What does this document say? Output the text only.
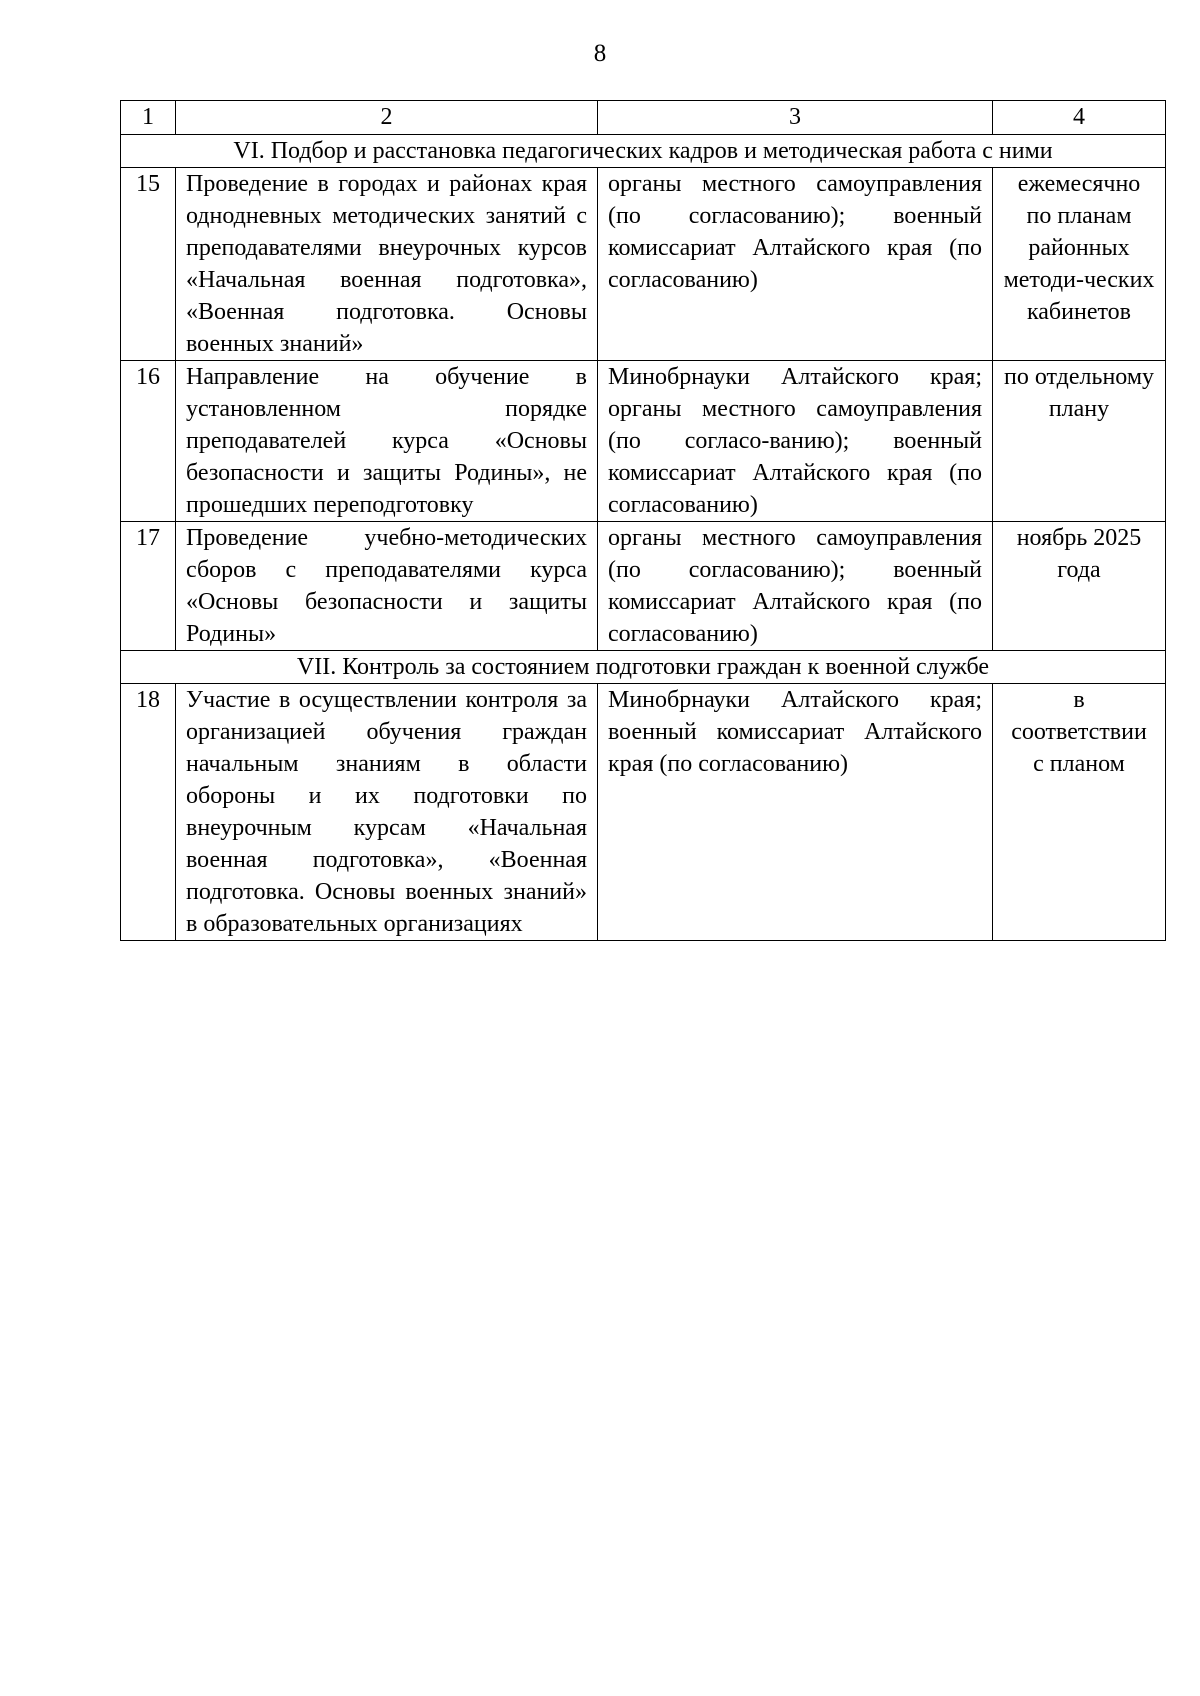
8
1	2	3	4
VI. Подбор и расстановка педагогических кадров и методическая работа с ними			
15	Проведение в городах и районах края однодневных методических занятий с преподавателями внеурочных курсов «Начальная военная подготовка», «Военная подготовка. Основы военных знаний»	органы местного самоуправления (по согласованию); военный комиссариат Алтайского края (по согласованию)	ежемесячно по планам районных методи-ческих кабинетов
16	Направление на обучение в установленном порядке преподавателей курса «Основы безопасности и защиты Родины», не прошедших переподготовку	Минобрнауки Алтайского края; органы местного самоуправления (по согласо-ванию); военный комиссариат Алтайского края (по согласованию)	по отдельному плану
17	Проведение учебно-методических сборов с преподавателями курса «Основы безопасности и защиты Родины»	органы местного самоуправления (по согласованию); военный комиссариат Алтайского края (по согласованию)	ноябрь 2025 года
VII. Контроль за состоянием подготовки граждан к военной службе			
18	Участие в осуществлении контроля за организацией обучения граждан начальным знаниям в области обороны и их подготовки по внеурочным курсам «Начальная военная подготовка», «Военная подготовка. Основы военных знаний» в образовательных организациях	Минобрнауки Алтайского края; военный комиссариат Алтайского края (по согласованию)	в соответствии с планом
